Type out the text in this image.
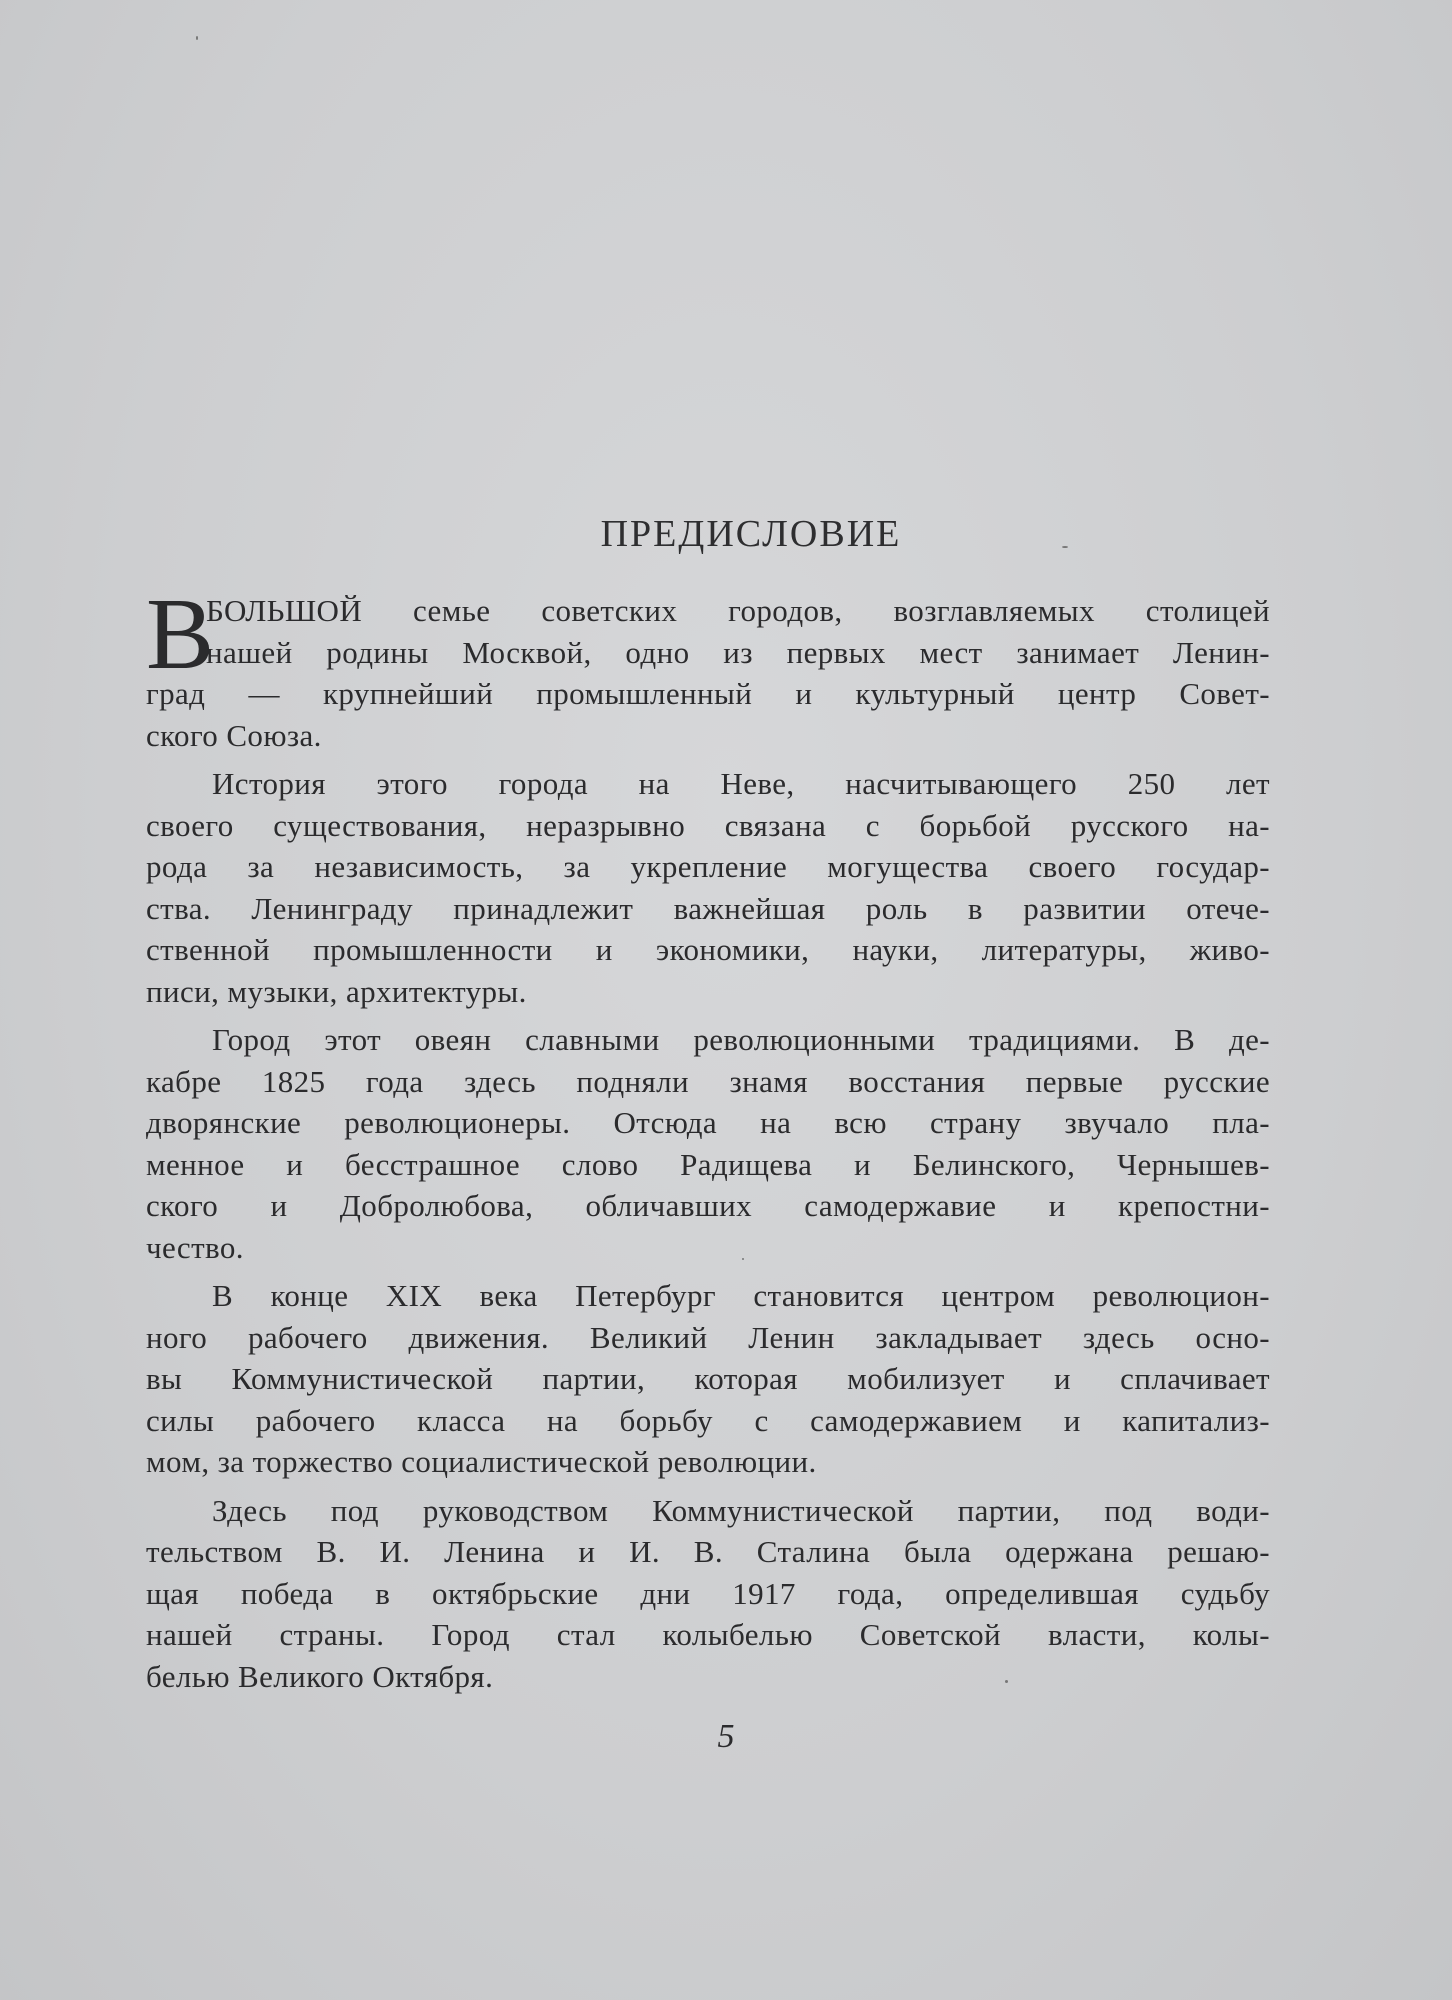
ПРЕДИСЛОВИЕ
В
БОЛЬШОЙ семье советских городов, возглавляемых столицей
нашей родины Москвой, одно из первых мест занимает Ленин-
град — крупнейший промышленный и культурный центр Совет-
ского Союза.
История этого города на Неве, насчитывающего 250 лет
своего существования, неразрывно связана с борьбой русского на-
рода за независимость, за укрепление могущества своего государ-
ства. Ленинграду принадлежит важнейшая роль в развитии отече-
ственной промышленности и экономики, науки, литературы, живо-
писи, музыки, архитектуры.
Город этот овеян славными революционными традициями. В де-
кабре 1825 года здесь подняли знамя восстания первые русские
дворянские революционеры. Отсюда на всю страну звучало пла-
менное и бесстрашное слово Радищева и Белинского, Чернышев-
ского и Добролюбова, обличавших самодержавие и крепостни-
чество.
В конце XIX века Петербург становится центром революцион-
ного рабочего движения. Великий Ленин закладывает здесь осно-
вы Коммунистической партии, которая мобилизует и сплачивает
силы рабочего класса на борьбу с самодержавием и капитализ-
мом, за торжество социалистической революции.
Здесь под руководством Коммунистической партии, под води-
тельством В. И. Ленина и И. В. Сталина была одержана решаю-
щая победа в октябрьские дни 1917 года, определившая судьбу
нашей страны. Город стал колыбелью Советской власти, колы-
белью Великого Октября.
5
